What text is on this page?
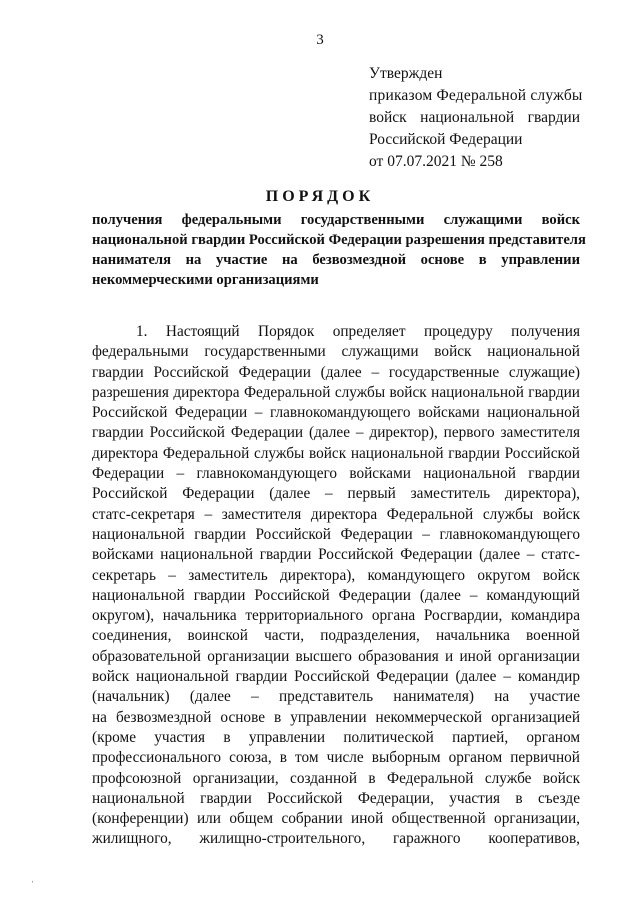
3
Утвержден
приказом Федеральной службы
войск национальной гвардии
Российской Федерации
от 07.07.2021 № 258
ПОРЯДОК
получения федеральными государственными служащими войск
национальной гвардии Российской Федерации разрешения представителя
нанимателя на участие на безвозмездной основе в управлении
некоммерческими организациями
1. Настоящий Порядок определяет процедуру получения
федеральными государственными служащими войск национальной
гвардии Российской Федерации (далее – государственные служащие)
разрешения директора Федеральной службы войск национальной гвардии
Российской Федерации – главнокомандующего войсками национальной
гвардии Российской Федерации (далее – директор), первого заместителя
директора Федеральной службы войск национальной гвардии Российской
Федерации – главнокомандующего войсками национальной гвардии
Российской Федерации (далее – первый заместитель директора),
статс-секретаря – заместителя директора Федеральной службы войск
национальной гвардии Российской Федерации – главнокомандующего
войсками национальной гвардии Российской Федерации (далее – статс-
секретарь – заместитель директора), командующего округом войск
национальной гвардии Российской Федерации (далее – командующий
округом), начальника территориального органа Росгвардии, командира
соединения, воинской части, подразделения, начальника военной
образовательной организации высшего образования и иной организации
войск национальной гвардии Российской Федерации (далее – командир
(начальник) (далее – представитель нанимателя) на участие
на безвозмездной основе в управлении некоммерческой организацией
(кроме участия в управлении политической партией, органом
профессионального союза, в том числе выборным органом первичной
профсоюзной организации, созданной в Федеральной службе войск
национальной гвардии Российской Федерации, участия в съезде
(конференции) или общем собрании иной общественной организации,
жилищного, жилищно-строительного, гаражного кооперативов,
ˌ
